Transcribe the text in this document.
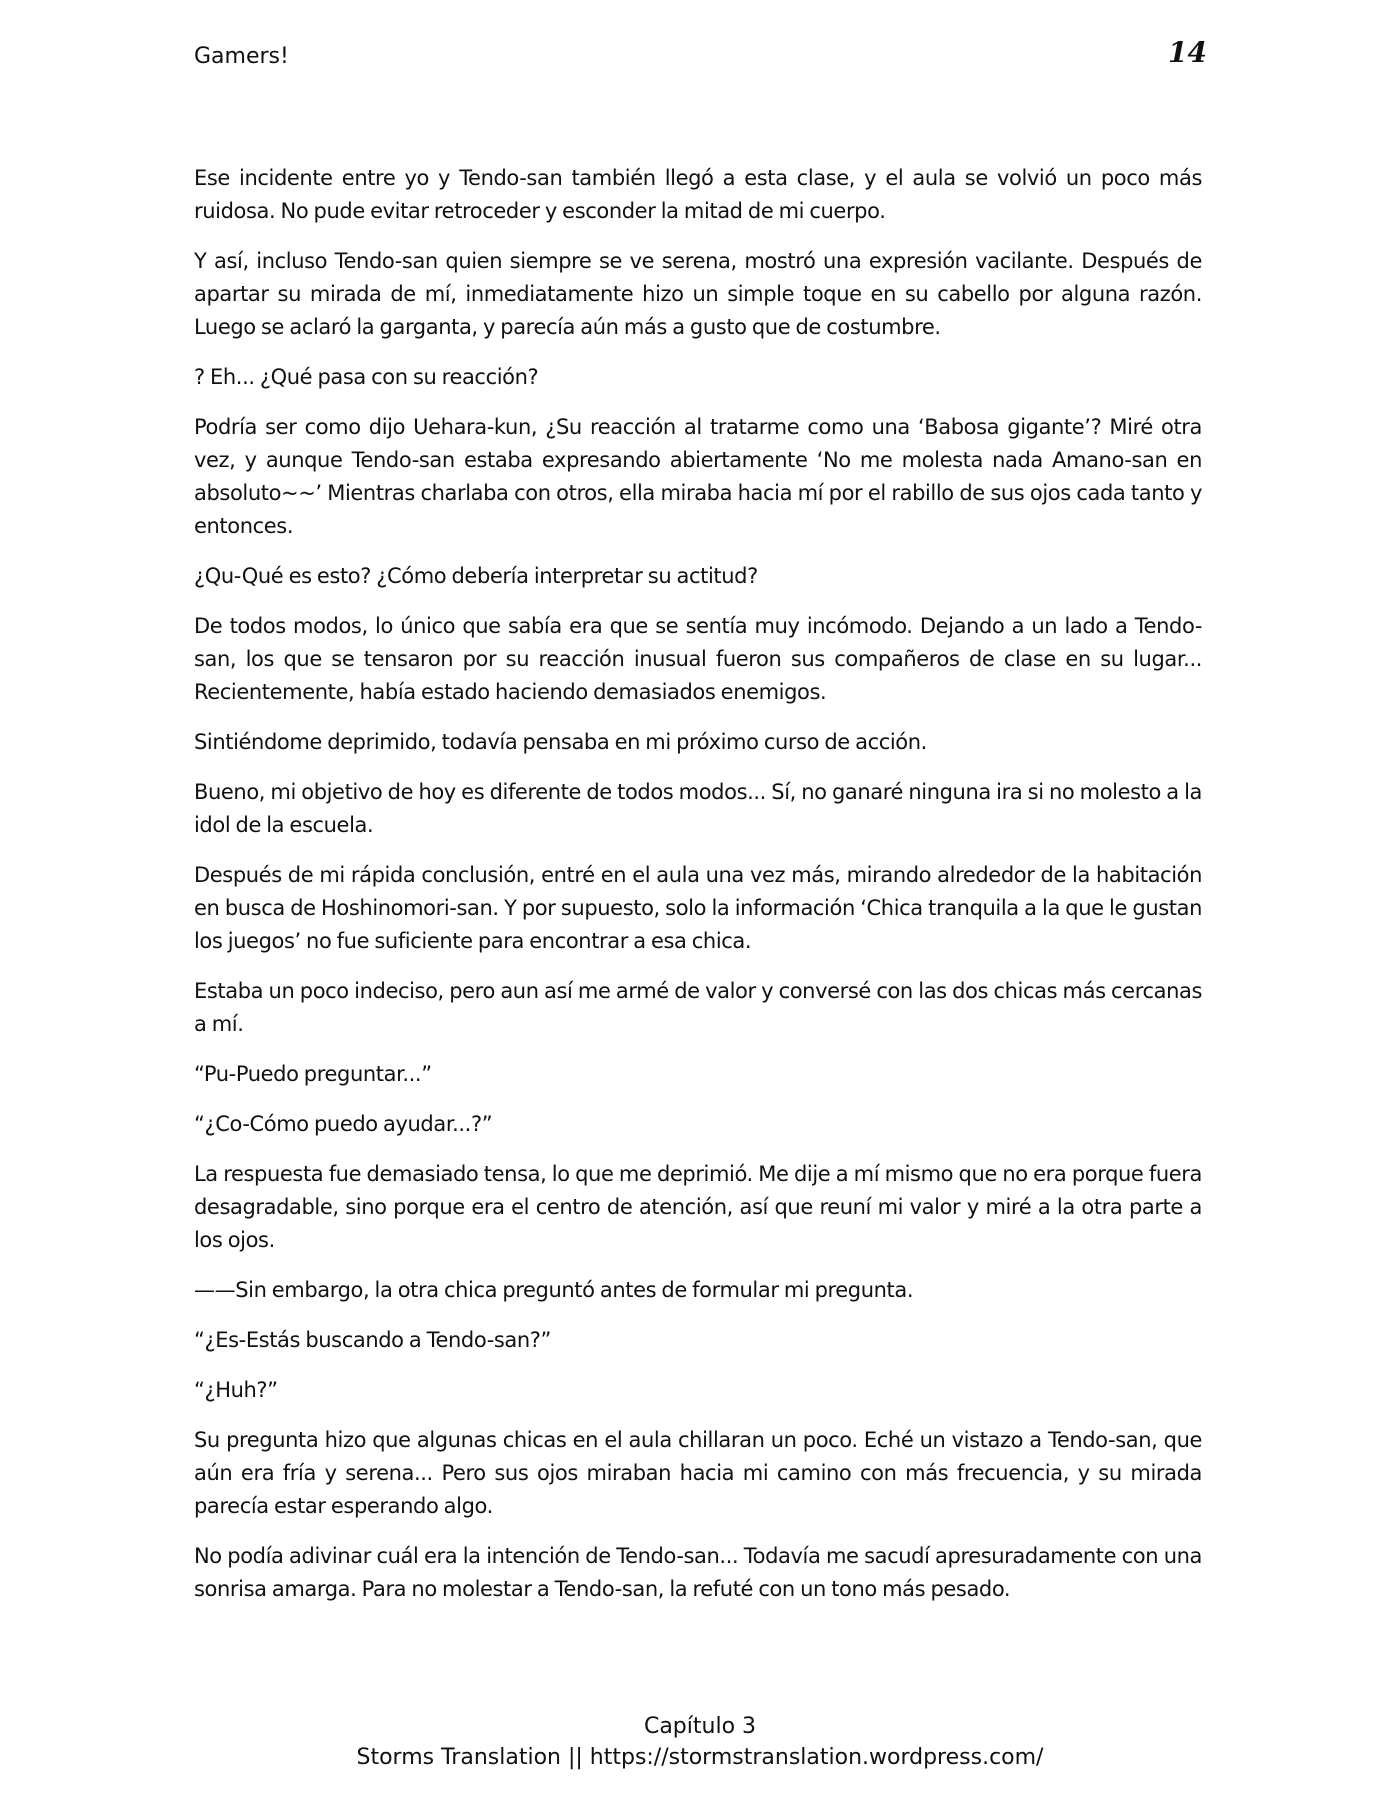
Gamers!	14

Ese incidente entre yo y Tendo-san también llegó a esta clase, y el aula se volvió un poco más ruidosa. No pude evitar retroceder y esconder la mitad de mi cuerpo.

Y así, incluso Tendo-san quien siempre se ve serena, mostró una expresión vacilante. Después de apartar su mirada de mí, inmediatamente hizo un simple toque en su cabello por alguna razón. Luego se aclaró la garganta, y parecía aún más a gusto que de costumbre.

? Eh... ¿Qué pasa con su reacción?

Podría ser como dijo Uehara-kun, ¿Su reacción al tratarme como una ‘Babosa gigante’? Miré otra vez, y aunque Tendo-san estaba expresando abiertamente ‘No me molesta nada Amano-san en absoluto~~’ Mientras charlaba con otros, ella miraba hacia mí por el rabillo de sus ojos cada tanto y entonces.

¿Qu-Qué es esto? ¿Cómo debería interpretar su actitud?

De todos modos, lo único que sabía era que se sentía muy incómodo. Dejando a un lado a Tendo-san, los que se tensaron por su reacción inusual fueron sus compañeros de clase en su lugar... Recientemente, había estado haciendo demasiados enemigos.

Sintiéndome deprimido, todavía pensaba en mi próximo curso de acción.

Bueno, mi objetivo de hoy es diferente de todos modos... Sí, no ganaré ninguna ira si no molesto a la idol de la escuela.

Después de mi rápida conclusión, entré en el aula una vez más, mirando alrededor de la habitación en busca de Hoshinomori-san. Y por supuesto, solo la información ‘Chica tranquila a la que le gustan los juegos’ no fue suficiente para encontrar a esa chica.

Estaba un poco indeciso, pero aun así me armé de valor y conversé con las dos chicas más cercanas a mí.

“Pu-Puedo preguntar...”

“¿Co-Cómo puedo ayudar...?”

La respuesta fue demasiado tensa, lo que me deprimió. Me dije a mí mismo que no era porque fuera desagradable, sino porque era el centro de atención, así que reuní mi valor y miré a la otra parte a los ojos.

——Sin embargo, la otra chica preguntó antes de formular mi pregunta.

“¿Es-Estás buscando a Tendo-san?”

“¿Huh?”

Su pregunta hizo que algunas chicas en el aula chillaran un poco. Eché un vistazo a Tendo-san, que aún era fría y serena... Pero sus ojos miraban hacia mi camino con más frecuencia, y su mirada parecía estar esperando algo.

No podía adivinar cuál era la intención de Tendo-san... Todavía me sacudí apresuradamente con una sonrisa amarga. Para no molestar a Tendo-san, la refuté con un tono más pesado.

Capítulo 3
Storms Translation || https://stormstranslation.wordpress.com/
